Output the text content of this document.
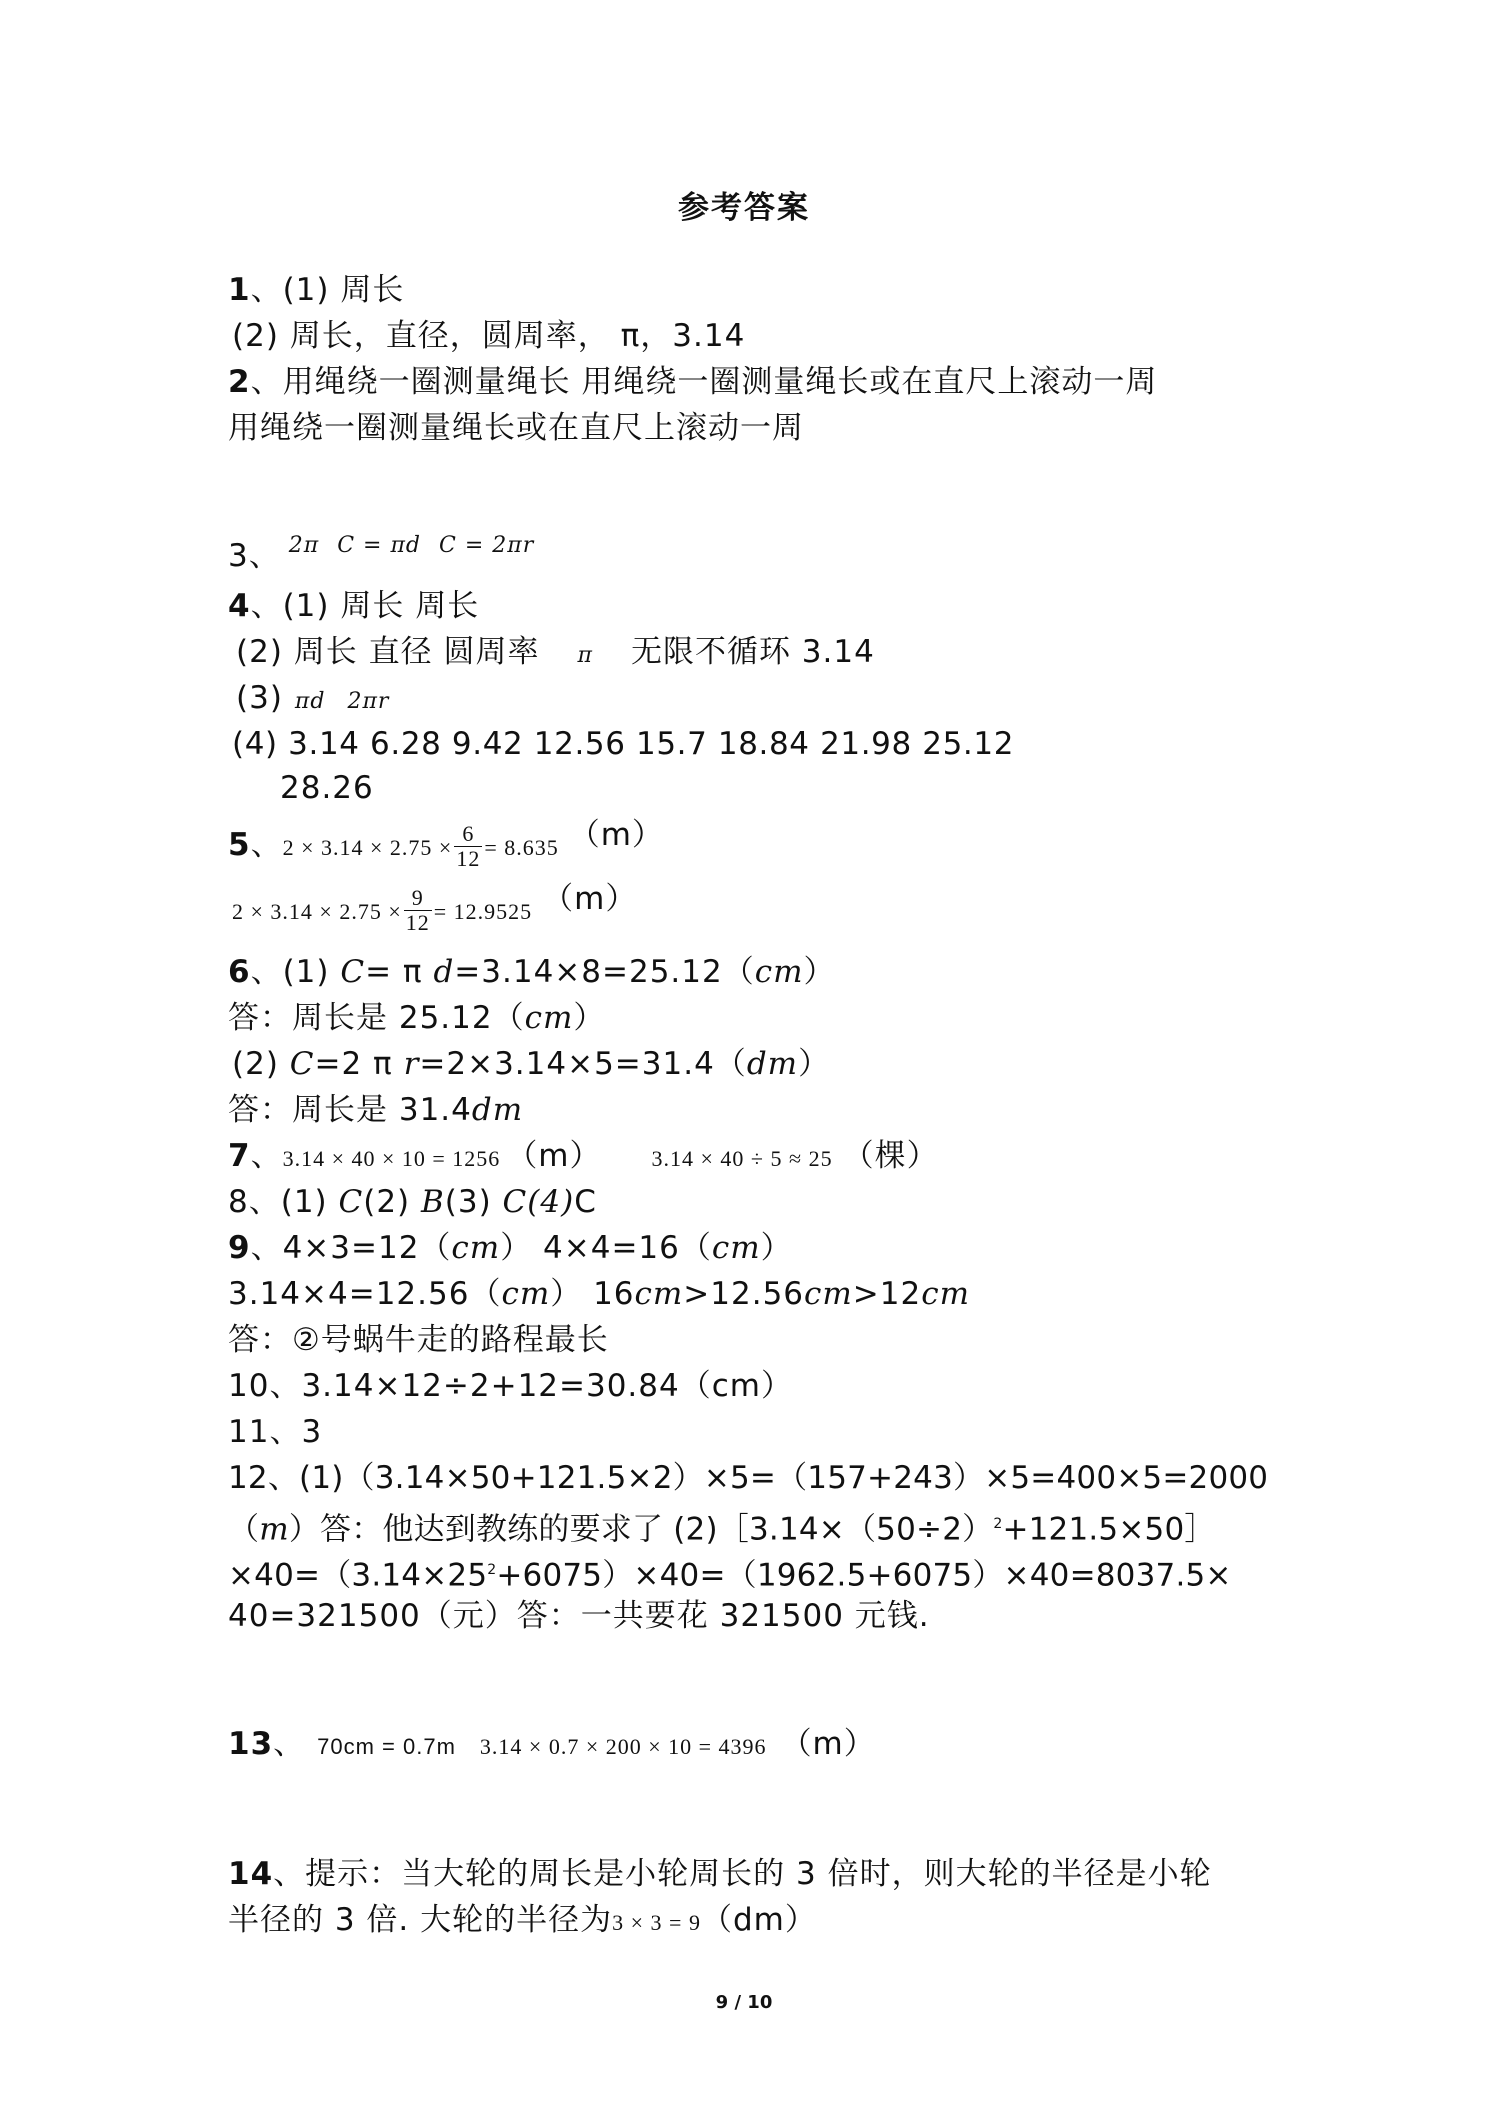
参考答案
1、(1) 周长
(2) 周长，直径，圆周率， π，3.14
2、用绳绕一圈测量绳长 用绳绕一圈测量绳长或在直尺上滚动一周
用绳绕一圈测量绳长或在直尺上滚动一周
3、 $^{2\pi}$ $^{C = \pi d}$ $^{C = 2\pi r}$
4、(1) 周长 周长
(2) 周长 直径 圆周率 π 无限不循环 3.14
(3) πd 2πr
(4) 3.14 6.28 9.42 12.56 15.7 18.84 21.98 25.12
28.26
5、$2 \times 3.14 \times 2.75 \times \frac{6}{12} = 8.635$ （m）
$2 \times 3.14 \times 2.75 \times \frac{9}{12} = 12.9525$ （m）
6、(1) C= π d=3.14×8=25.12（cm）
答：周长是 25.12（cm）
(2) C=2 π r=2×3.14×5=31.4（dm）
答：周长是 31.4dm
7、3.14 × 40 × 10 = 1256 （m） 3.14 × 40 ÷ 5 ≈ 25 （棵）
8、(1) C(2) B(3) C(4)C
9、4×3=12（cm） 4×4=16（cm）
3.14×4=12.56（cm） 16cm>12.56cm>12cm
答：②号蜗牛走的路程最长
10、3.14×12÷2+12=30.84（cm）
11、3
12、(1)（3.14×50+121.5×2）×5=（157+243）×5=400×5=2000
（m）答：他达到教练的要求了 $(2)[3.14\times(50\div 2)^2+121.5\times 50]$
$\times 40=(3.14\times 25^2+6075)\times 40=(1962.5+6075)\times 40=8037.5\times$
40=321500（元）答：一共要花 321500 元钱.
13、 70cm = 0.7m 3.14 × 0.7 × 200 × 10 = 4396 （m）
14、提示：当大轮的周长是小轮周长的 3 倍时，则大轮的半径是小轮
半径的 3 倍. 大轮的半径为3 × 3 = 9（dm）
9 / 10
